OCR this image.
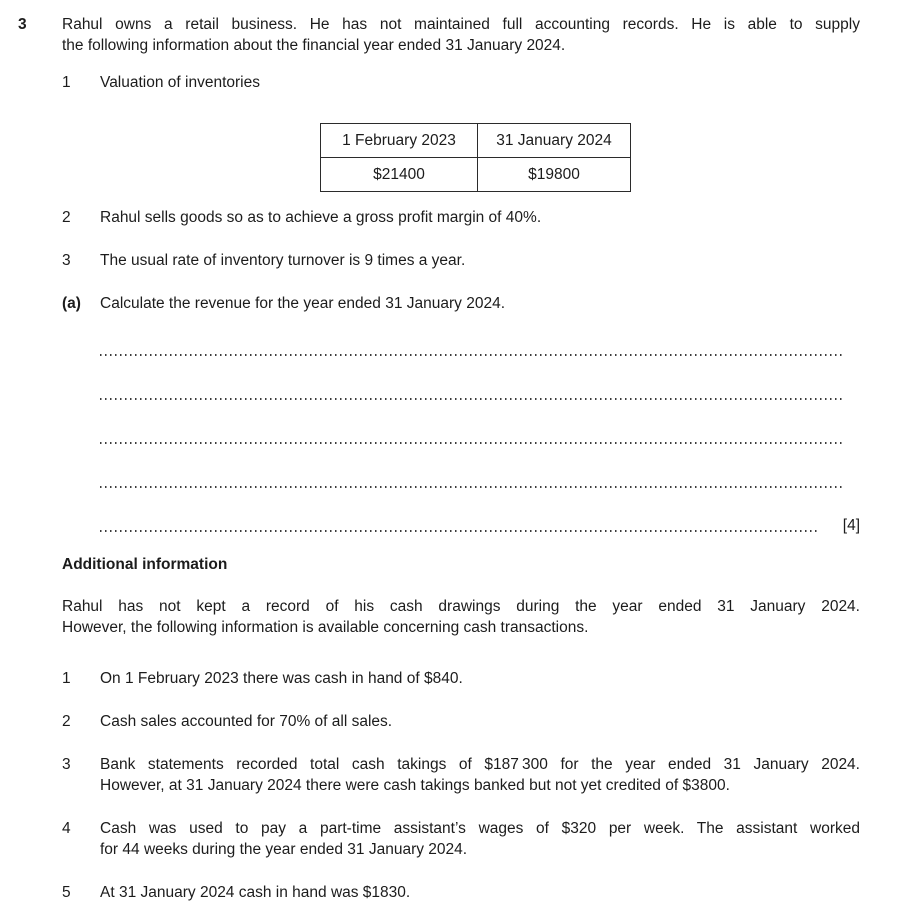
3	Rahul owns a retail business. He has not maintained full accounting records. He is able to supply
the following information about the financial year ended 31 January 2024.
1	Valuation of inventories
1 February 2023	31 January 2024
$21400	$19800
2	Rahul sells goods so as to achieve a gross profit margin of 40%.
3	The usual rate of inventory turnover is 9 times a year.
(a)	Calculate the revenue for the year ended 31 January 2024.
[4]
Additional information
Rahul has not kept a record of his cash drawings during the year ended 31 January 2024.
However, the following information is available concerning cash transactions.
1	On 1 February 2023 there was cash in hand of $840.
2	Cash sales accounted for 70% of all sales.
3	Bank statements recorded total cash takings of $187 300 for the year ended 31 January 2024.
However, at 31 January 2024 there were cash takings banked but not yet credited of $3800.
4	Cash was used to pay a part-time assistant’s wages of $320 per week. The assistant worked
for 44 weeks during the year ended 31 January 2024.
5	At 31 January 2024 cash in hand was $1830.
